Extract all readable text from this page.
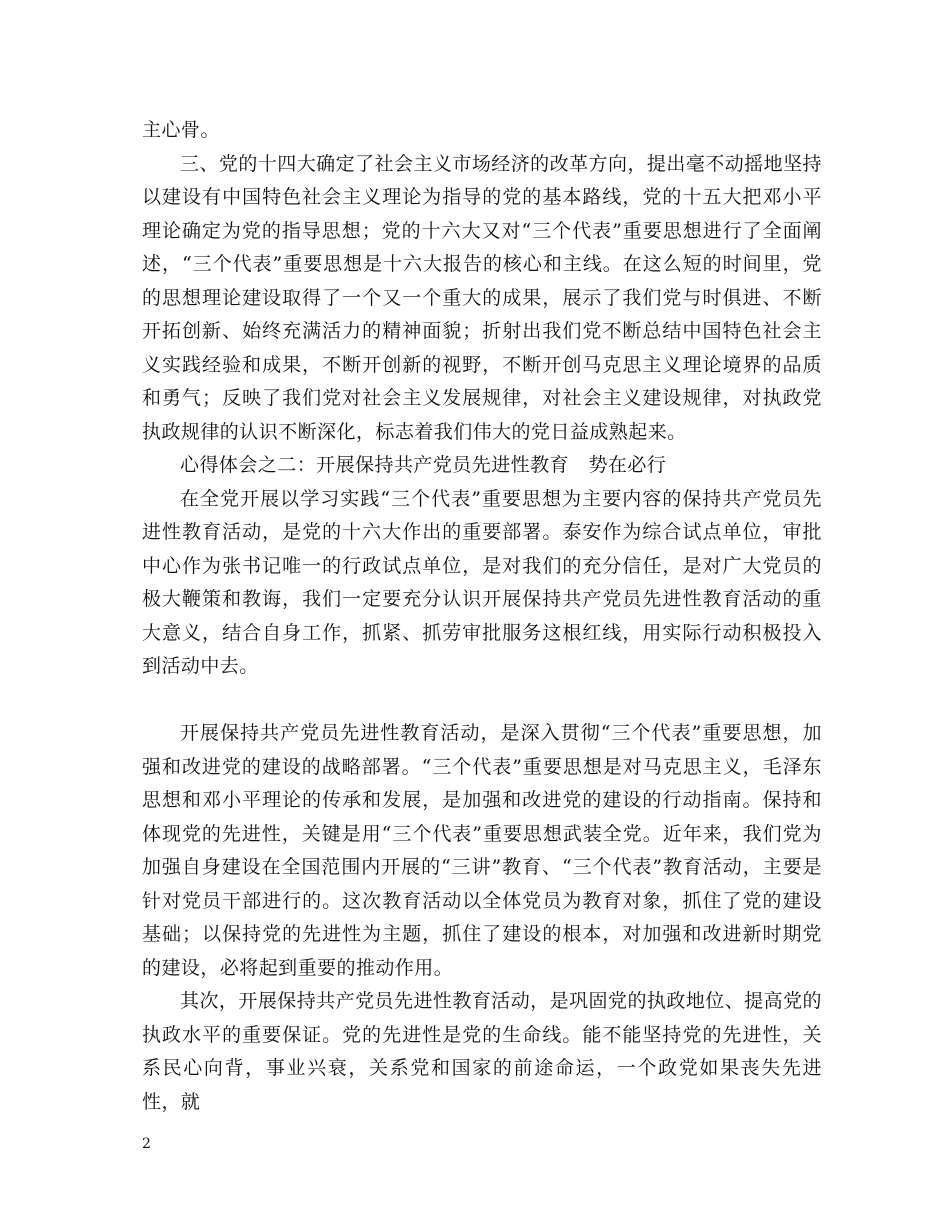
主心骨。

三、党的十四大确定了社会主义市场经济的改革方向，提出毫不动摇地坚持以建设有中国特色社会主义理论为指导的党的基本路线，党的十五大把邓小平理论确定为党的指导思想；党的十六大又对“三个代表”重要思想进行了全面阐述，“三个代表”重要思想是十六大报告的核心和主线。在这么短的时间里，党的思想理论建设取得了一个又一个重大的成果，展示了我们党与时俱进、不断开拓创新、始终充满活力的精神面貌；折射出我们党不断总结中国特色社会主义实践经验和成果，不断开创新的视野，不断开创马克思主义理论境界的品质和勇气；反映了我们党对社会主义发展规律，对社会主义建设规律，对执政党执政规律的认识不断深化，标志着我们伟大的党日益成熟起来。

心得体会之二：开展保持共产党员先进性教育　势在必行

在全党开展以学习实践“三个代表”重要思想为主要内容的保持共产党员先进性教育活动，是党的十六大作出的重要部署。泰安作为综合试点单位，审批中心作为张书记唯一的行政试点单位，是对我们的充分信任，是对广大党员的极大鞭策和教诲，我们一定要充分认识开展保持共产党员先进性教育活动的重大意义，结合自身工作，抓紧、抓劳审批服务这根红线，用实际行动积极投入到活动中去。

开展保持共产党员先进性教育活动，是深入贯彻“三个代表”重要思想，加强和改进党的建设的战略部署。“三个代表”重要思想是对马克思主义，毛泽东思想和邓小平理论的传承和发展，是加强和改进党的建设的行动指南。保持和体现党的先进性，关键是用“三个代表”重要思想武装全党。近年来，我们党为加强自身建设在全国范围内开展的“三讲”教育、“三个代表”教育活动，主要是针对党员干部进行的。这次教育活动以全体党员为教育对象，抓住了党的建设基础；以保持党的先进性为主题，抓住了建设的根本，对加强和改进新时期党的建设，必将起到重要的推动作用。

其次，开展保持共产党员先进性教育活动，是巩固党的执政地位、提高党的执政水平的重要保证。党的先进性是党的生命线。能不能坚持党的先进性，关系民心向背，事业兴衰，关系党和国家的前途命运，一个政党如果丧失先进性，就

2
